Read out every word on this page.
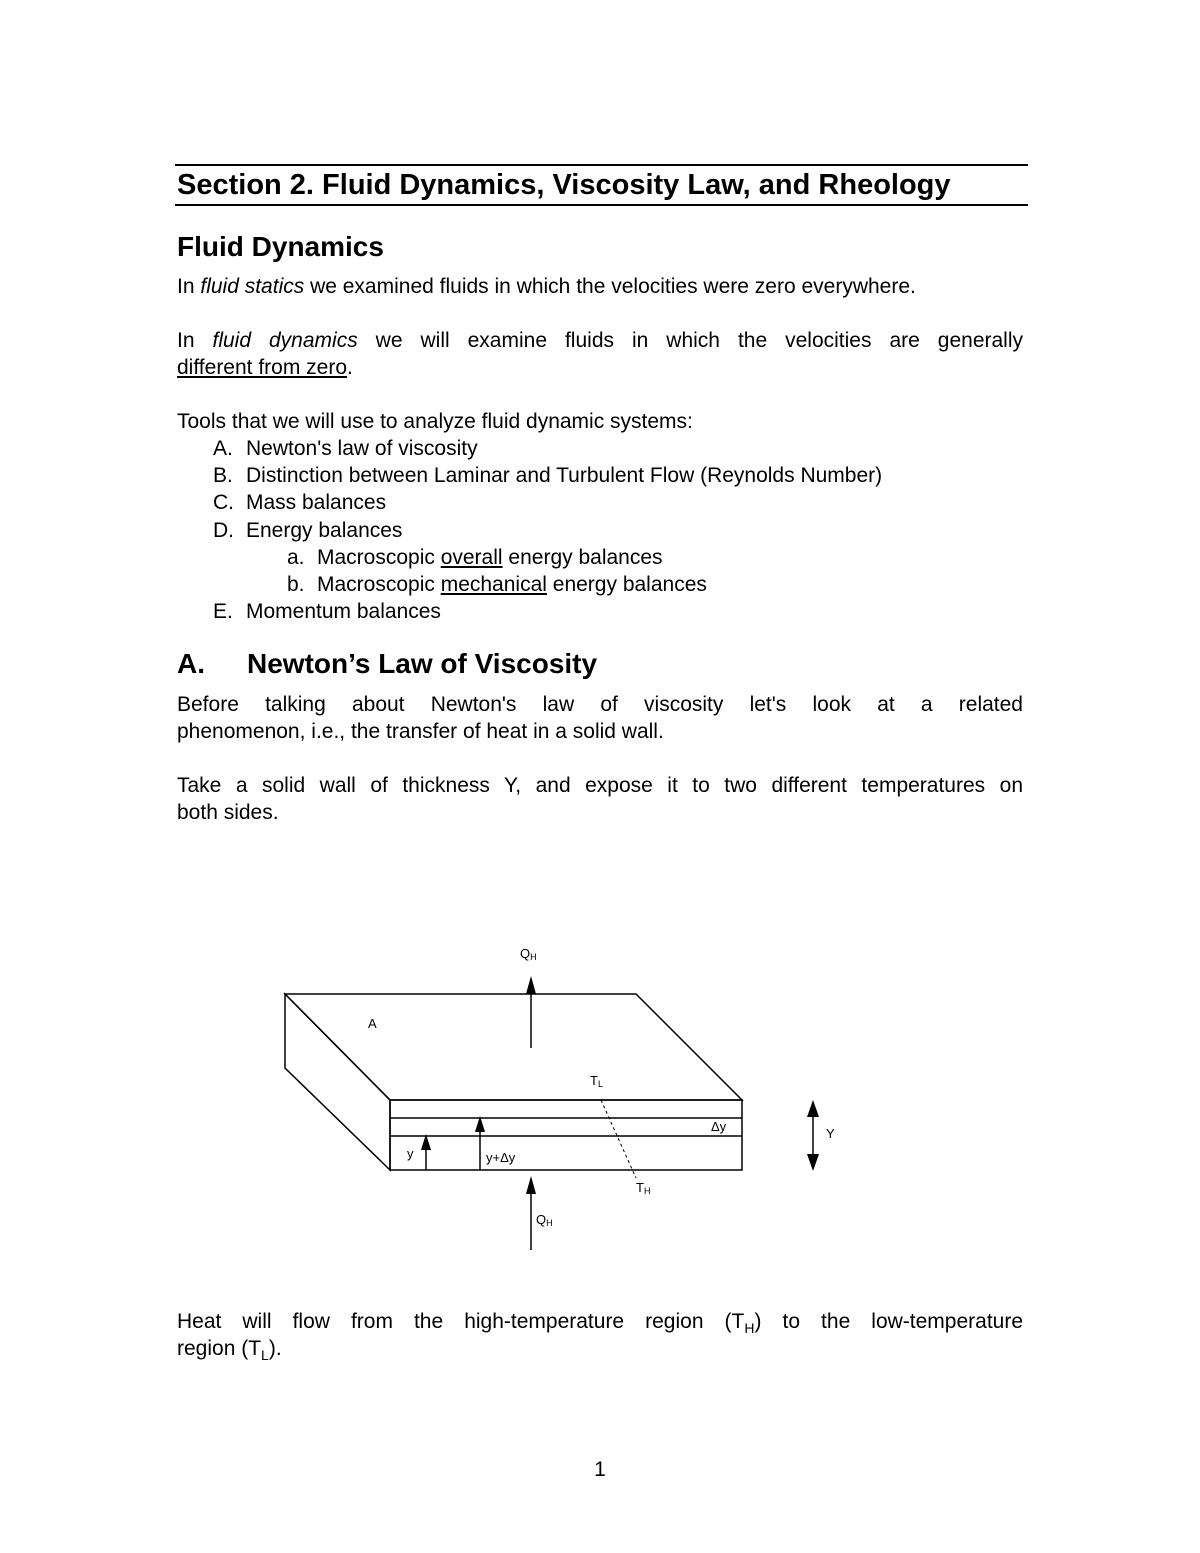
Section 2. Fluid Dynamics, Viscosity Law, and Rheology
Fluid Dynamics
In fluid statics we examined fluids in which the velocities were zero everywhere.
In fluid dynamics we will examine fluids in which the velocities are generally
different from zero.
Tools that we will use to analyze fluid dynamic systems:
A. Newton's law of viscosity
B. Distinction between Laminar and Turbulent Flow (Reynolds Number)
C. Mass balances
D. Energy balances
a. Macroscopic overall energy balances
b. Macroscopic mechanical energy balances
E. Momentum balances
A. Newton’s Law of Viscosity
Before talking about Newton's law of viscosity let's look at a related
phenomenon, i.e., the transfer of heat in a solid wall.
Take a solid wall of thickness Y, and expose it to two different temperatures on
both sides.
QH
A
TL
Δy
y	y+Δy
TH
QH
Y
Heat will flow from the high-temperature region $(T_H)$ to the low-temperature
region $(T_L)$.
1
